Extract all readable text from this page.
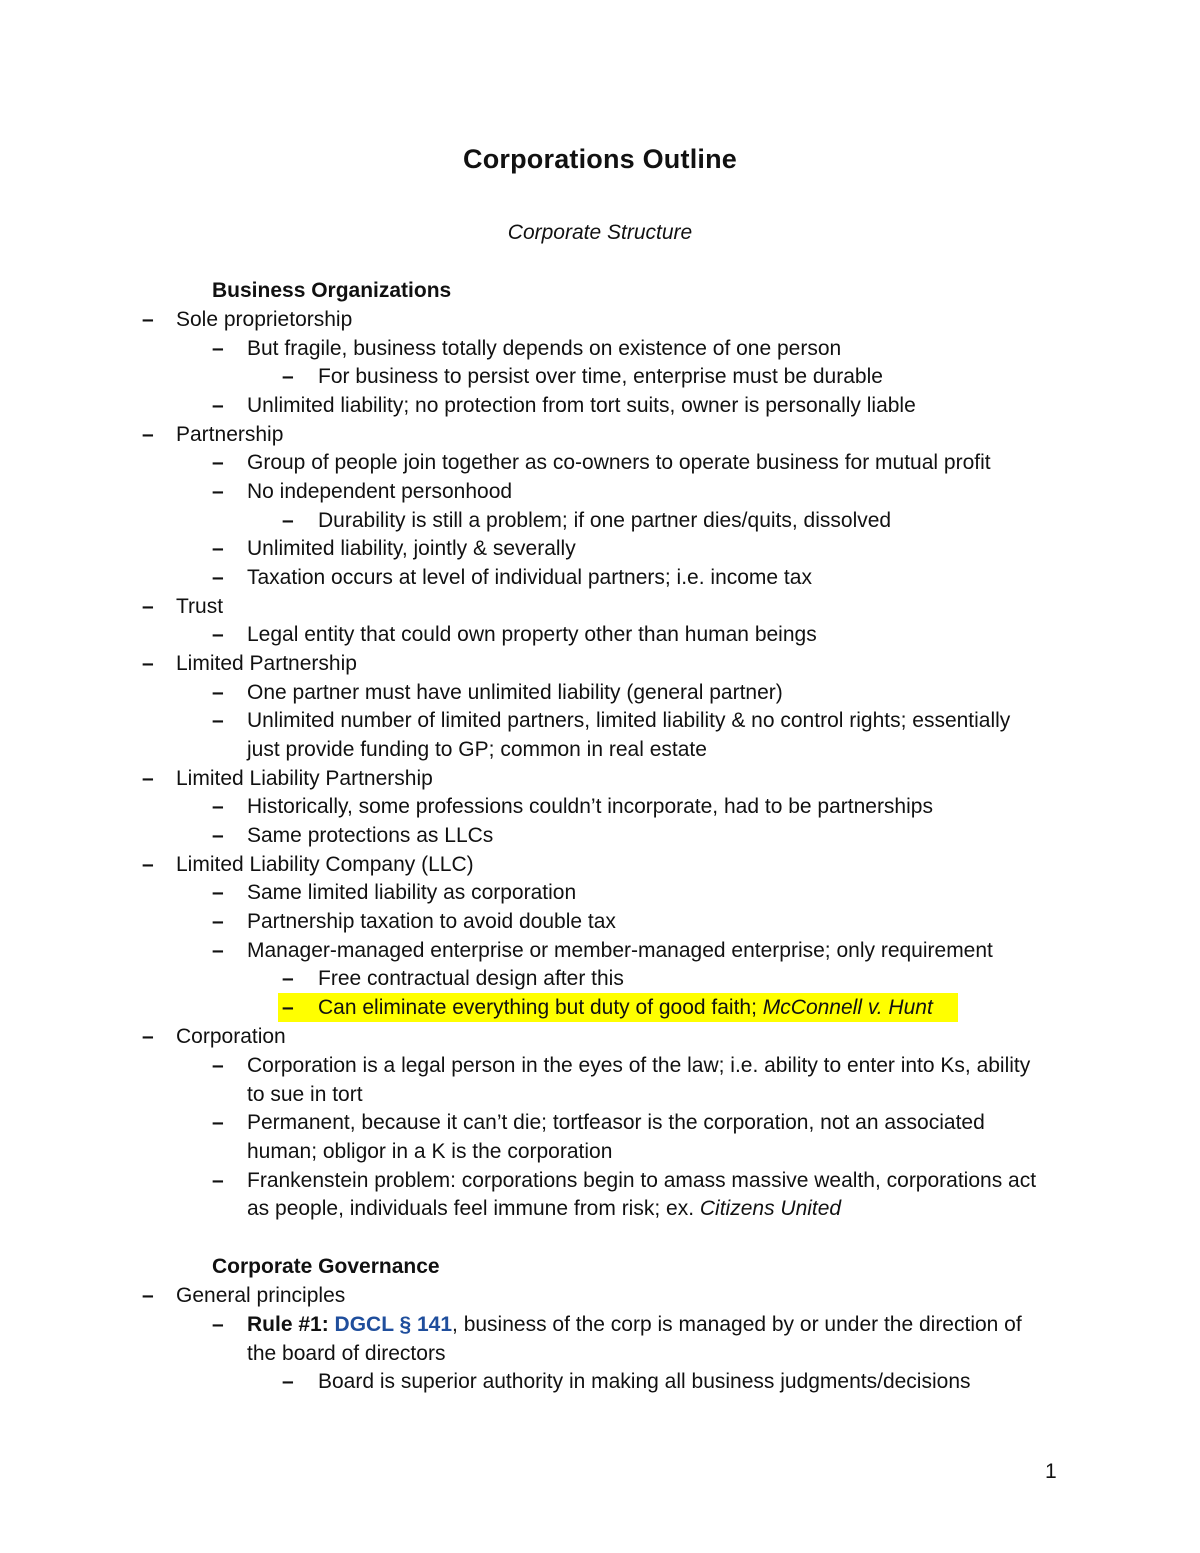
Corporations Outline
Corporate Structure
Business Organizations
– Sole proprietorship
– But fragile, business totally depends on existence of one person
– For business to persist over time, enterprise must be durable
– Unlimited liability; no protection from tort suits, owner is personally liable
– Partnership
– Group of people join together as co-owners to operate business for mutual profit
– No independent personhood
– Durability is still a problem; if one partner dies/quits, dissolved
– Unlimited liability, jointly & severally
– Taxation occurs at level of individual partners; i.e. income tax
– Trust
– Legal entity that could own property other than human beings
– Limited Partnership
– One partner must have unlimited liability (general partner)
– Unlimited number of limited partners, limited liability & no control rights; essentially
just provide funding to GP; common in real estate
– Limited Liability Partnership
– Historically, some professions couldn’t incorporate, had to be partnerships
– Same protections as LLCs
– Limited Liability Company (LLC)
– Same limited liability as corporation
– Partnership taxation to avoid double tax
– Manager-managed enterprise or member-managed enterprise; only requirement
– Free contractual design after this
– Can eliminate everything but duty of good faith; McConnell v. Hunt
– Corporation
– Corporation is a legal person in the eyes of the law; i.e. ability to enter into Ks, ability
to sue in tort
– Permanent, because it can’t die; tortfeasor is the corporation, not an associated
human; obligor in a K is the corporation
– Frankenstein problem: corporations begin to amass massive wealth, corporations act
as people, individuals feel immune from risk; ex. Citizens United
Corporate Governance
– General principles
– Rule #1: DGCL § 141, business of the corp is managed by or under the direction of
the board of directors
– Board is superior authority in making all business judgments/decisions
1
